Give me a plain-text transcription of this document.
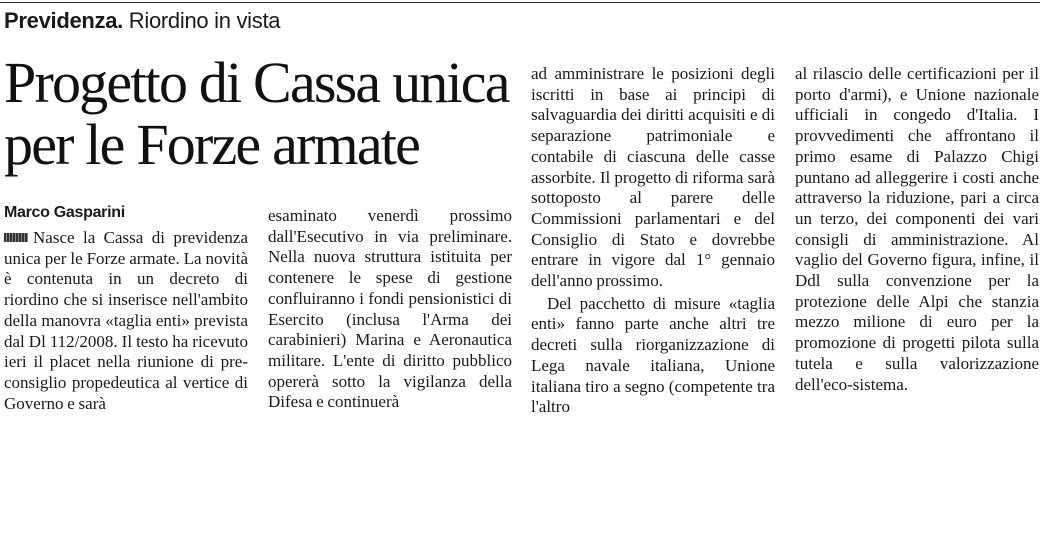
Previdenza. Riordino in vista
Progetto di Cassa unica per le Forze armate
Marco Gasparini

Nasce la Cassa di previdenza unica per le Forze armate. La novità è contenuta in un decreto di riordino che si inserisce nell'ambito della manovra «taglia enti» prevista dal Dl 112/2008. Il testo ha ricevuto ieri il placet nella riunione di pre-consiglio propedeutica al vertice di Governo e sarà

esaminato venerdì prossimo dall'Esecutivo in via preliminare. Nella nuova struttura istituita per contenere le spese di gestione confluiranno i fondi pensionistici di Esercito (inclusa l'Arma dei carabinieri) Marina e Aeronautica militare. L'ente di diritto pubblico opererà sotto la vigilanza della Difesa e continuerà

ad amministrare le posizioni degli iscritti in base ai principi di salvaguardia dei diritti acquisiti e di separazione patrimoniale e contabile di ciascuna delle casse assorbite. Il progetto di riforma sarà sottoposto al parere delle Commissioni parlamentari e del Consiglio di Stato e dovrebbe entrare in vigore dal 1° gennaio dell'anno prossimo.

Del pacchetto di misure «taglia enti» fanno parte anche altri tre decreti sulla riorganizzazione di Lega navale italiana, Unione italiana tiro a segno (competente tra l'altro

al rilascio delle certificazioni per il porto d'armi), e Unione nazionale ufficiali in congedo d'Italia. I provvedimenti che affrontano il primo esame di Palazzo Chigi puntano ad alleggerire i costi anche attraverso la riduzione, pari a circa un terzo, dei componenti dei vari consigli di amministrazione. Al vaglio del Governo figura, infine, il Ddl sulla convenzione per la protezione delle Alpi che stanzia mezzo milione di euro per la promozione di progetti pilota sulla tutela e sulla valorizzazione dell'eco-sistema.
